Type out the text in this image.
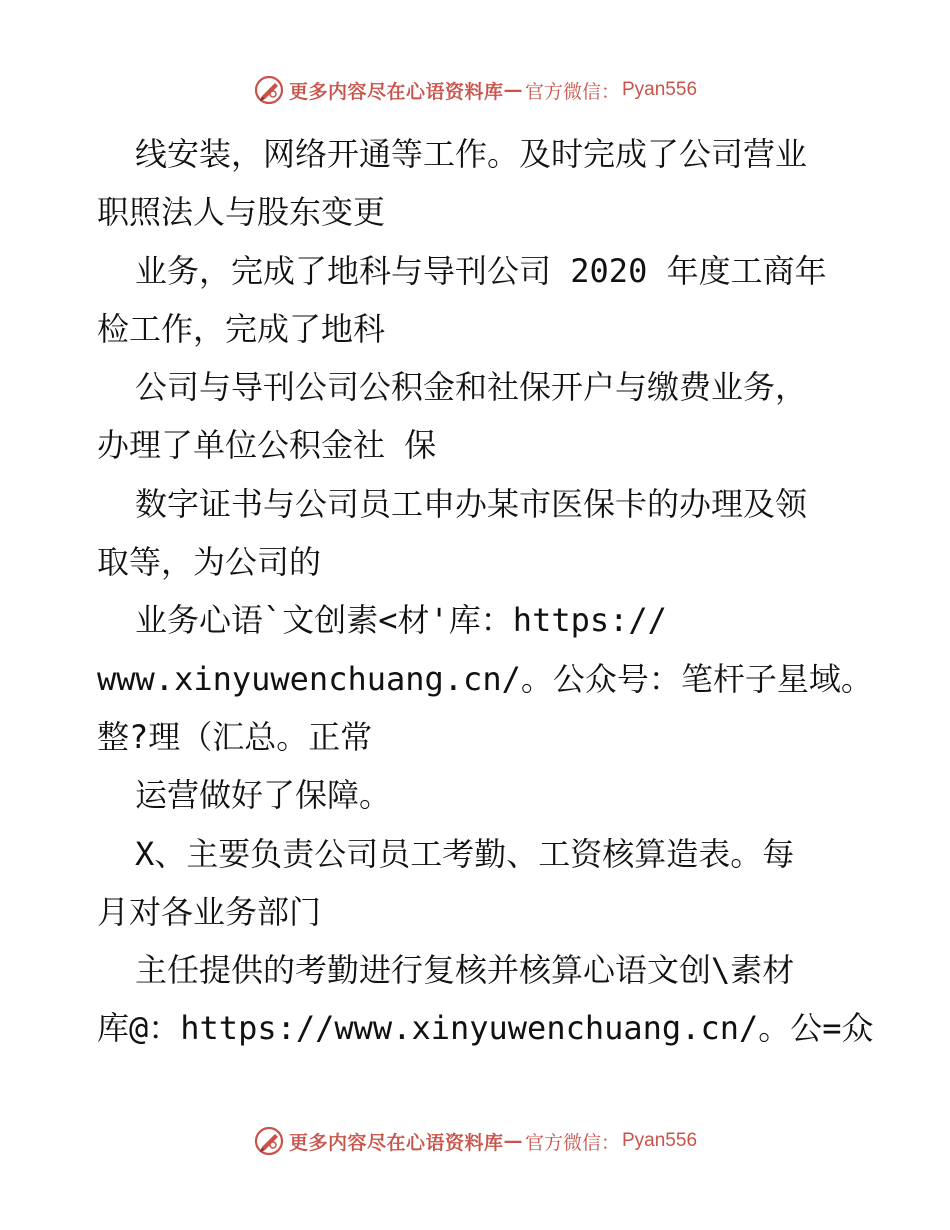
更多内容尽在心语资料库 — 官方微信： Pyan556
线安装，网络开通等工作。及时完成了公司营业
职照法人与股东变更
业务，完成了地科与导刊公司 2020 年度工商年
检工作，完成了地科
公司与导刊公司公积金和社保开户与缴费业务，
办理了单位公积金社 保
数字证书与公司员工申办某市医保卡的办理及领
取等，为公司的
业务心语`文创素<材'库：https://
www.xinyuwenchuang.cn/。公众号：笔杆子星域。
整?理（汇总。正常
运营做好了保障。
X、主要负责公司员工考勤、工资核算造表。每
月对各业务部门
主任提供的考勤进行复核并核算心语文创\素材
库@：https://www.xinyuwenchuang.cn/。公=众
更多内容尽在心语资料库 — 官方微信： Pyan556
